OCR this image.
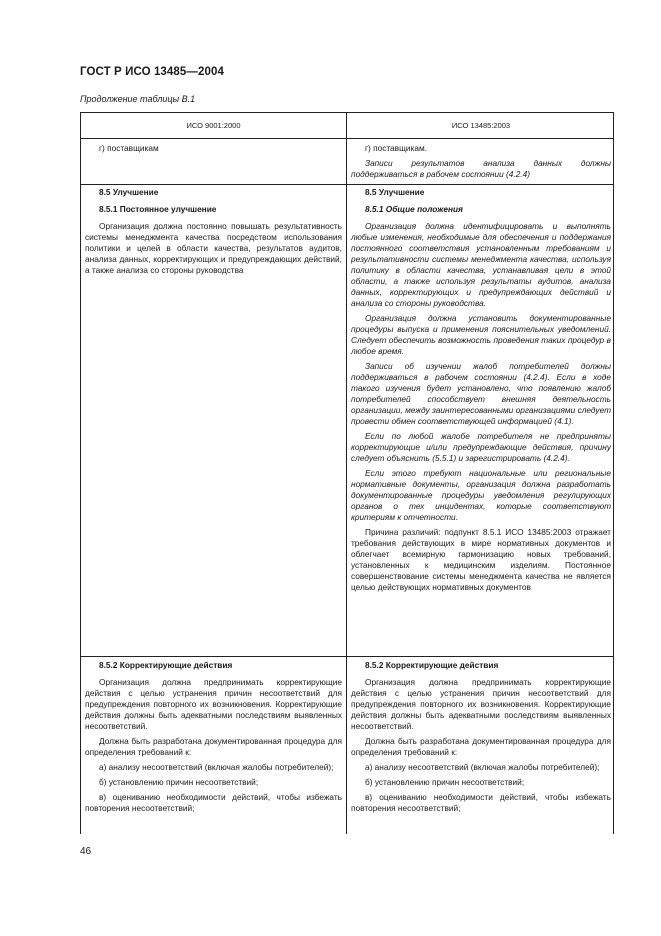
ГОСТ Р ИСО 13485—2004
Продолжение таблицы В.1
ИСО 9001:2000	ИСО 13485:2003

г) поставщикам	г) поставщикам.

Записи результатов анализа данных должны поддерживаться в рабочем состоянии (4.2.4)

8.5 Улучшение
8.5.1 Постоянное улучшение

Организация должна постоянно повышать результативность системы менеджмента качества посредством использования политики и целей в области качества, результатов аудитов, анализа данных, корректирующих и предупреждающих действий, а также анализа со стороны руководства

8.5 Улучшение
8.5.1 Общие положения

Организация должна идентифицировать и выполнять любые изменения, необходимые для обеспечения и поддержания постоянного соответствия установленным требованиям и результативности системы менеджмента качества, используя политику в области качества, устанавливая цели в этой области, а также используя результаты аудитов, анализа данных, корректирующих и предупреждающих действий и анализа со стороны руководства.

Организация должна установить документированные процедуры выпуска и применения пояснительных уведомлений. Следует обеспечить возможность проведения таких процедур в любое время.

Записи об изучении жалоб потребителей должны поддерживаться в рабочем состоянии (4.2.4). Если в ходе такого изучения будет установлено, что появлению жалоб потребителей способствует внешняя деятельность организации, между заинтересованными организациями следует провести обмен соответствующей информацией (4.1).

Если по любой жалобе потребителя не предприняты корректирующие и/или предупреждающие действия, причину следует объяснить (5.5.1) и зарегистрировать (4.2.4).

Если этого требуют национальные или региональные нормативные документы, организация должна разработать документированные процедуры уведомления регулирующих органов о тех инцидентах, которые соответствуют критериям к отчетности.

Причина различий: подпункт 8.5.1 ИСО 13485:2003 отражает требования действующих в мире нормативных документов и облегчает всемирную гармонизацию новых требований, установленных к медицинским изделиям. Постоянное совершенствование системы менеджмента качества не является целью действующих нормативных документов

8.5.2 Корректирующие действия

Организация должна предпринимать корректирующие действия с целью устранения причин несоответствий для предупреждения повторного их возникновения. Корректирующие действия должны быть адекватными последствиям выявленных несоответствий.

Должна быть разработана документированная процедура для определения требований к:

а) анализу несоответствий (включая жалобы потребителей);

б) установлению причин несоответствий;

в) оцениванию необходимости действий, чтобы избежать повторения несоответствий;

8.5.2 Корректирующие действия

Организация должна предпринимать корректирующие действия с целью устранения причин несоответствий для предупреждения повторного их возникновения. Корректирующие действия должны быть адекватными последствиям выявленных несоответствий.

Должна быть разработана документированная процедура для определения требований к:

а) анализу несоответствий (включая жалобы потребителей);

б) установлению причин несоответствий;

в) оцениванию необходимости действий, чтобы избежать повторения несоответствий;

46
